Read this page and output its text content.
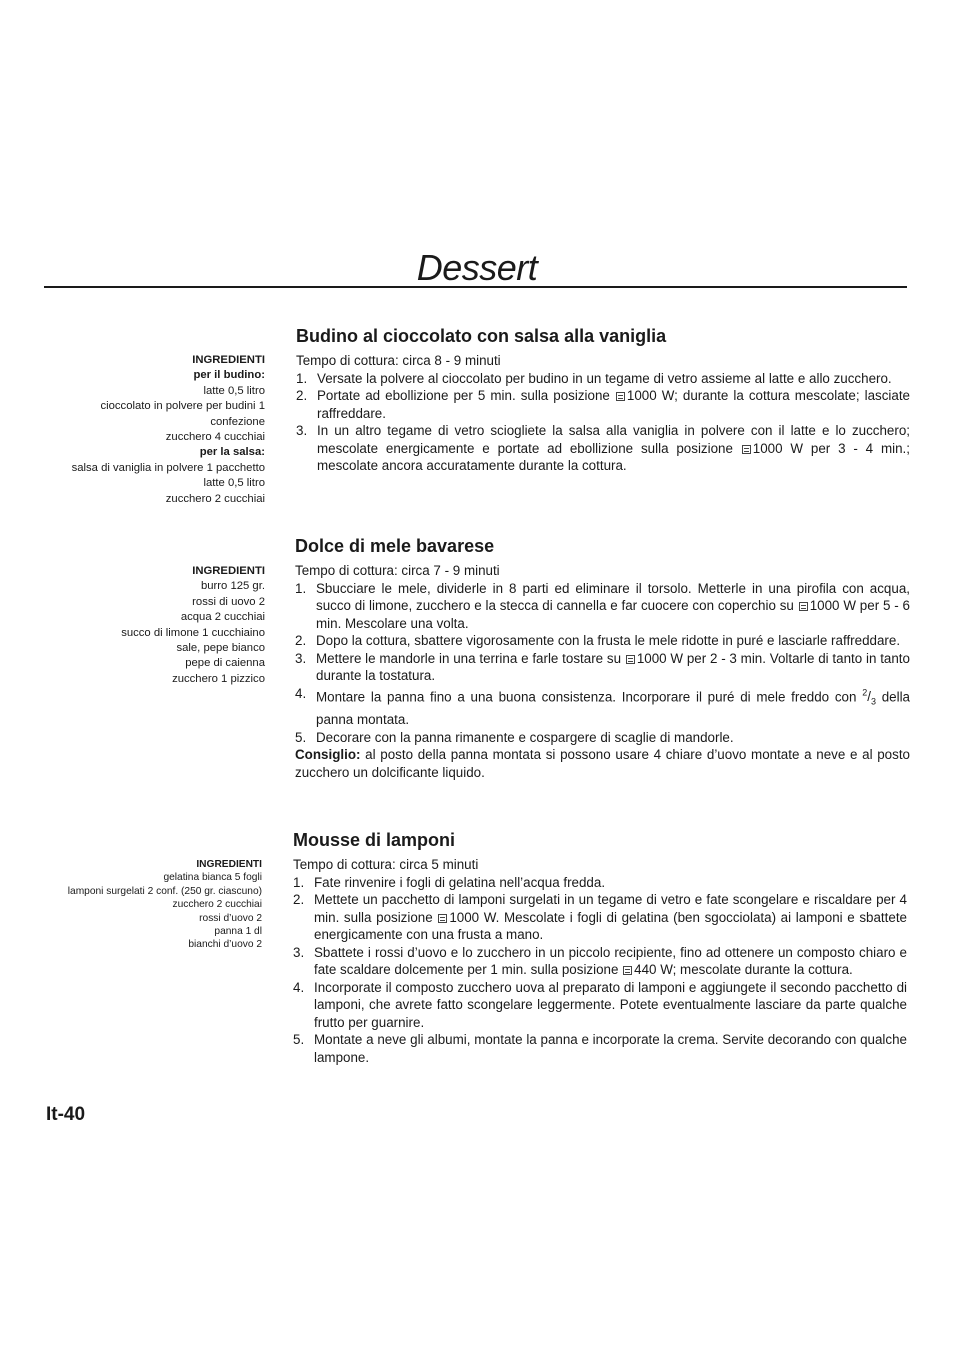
Dessert
INGREDIENTI
per il budino:
latte 0,5 litro
cioccolato in polvere per budini 1
confezione
zucchero 4 cucchiai
per la salsa:
salsa di vaniglia in polvere 1 pacchetto
latte 0,5 litro
zucchero 2 cucchiai
Budino al cioccolato con salsa alla vaniglia
Tempo di cottura: circa 8 - 9 minuti
1. Versate la polvere al cioccolato per budino in un tegame di vetro assieme al latte e allo zucchero.
2. Portate ad ebollizione per 5 min. sulla posizione 1000 W; durante la cottura mescolate; lasciate raffreddare.
3. In un altro tegame di vetro sciogliete la salsa alla vaniglia in polvere con il latte e lo zucchero; mescolate energicamente e portate ad ebollizione sulla posizione 1000 W per 3 - 4 min.; mescolate ancora accuratamente durante la cottura.
INGREDIENTI
burro 125 gr.
rossi di uovo 2
acqua 2 cucchiai
succo di limone 1 cucchiaino
sale, pepe bianco
pepe di caienna
zucchero 1 pizzico
Dolce di mele bavarese
Tempo di cottura: circa 7 - 9 minuti
1. Sbucciare le mele, dividerle in 8 parti ed eliminare il torsolo. Metterle in una pirofila con acqua, succo di limone, zucchero e la stecca di cannella e far cuocere con coperchio su 1000 W per 5 - 6 min. Mescolare una volta.
2. Dopo la cottura, sbattere vigorosamente con la frusta le mele ridotte in puré e lasciarle raffreddare.
3. Mettere le mandorle in una terrina e farle tostare su 1000 W per 2 - 3 min. Voltarle di tanto in tanto durante la tostatura.
4. Montare la panna fino a una buona consistenza. Incorporare il puré di mele freddo con $^2/_3$ della panna montata.
5. Decorare con la panna rimanente e cospargere di scaglie di mandorle.
Consiglio: al posto della panna montata si possono usare 4 chiare d’uovo montate a neve e al posto zucchero un dolcificante liquido.
INGREDIENTI
gelatina bianca 5 fogli
lamponi surgelati 2 conf. (250 gr. ciascuno)
zucchero 2 cucchiai
rossi d’uovo 2
panna 1 dl
bianchi d’uovo 2
Mousse di lamponi
Tempo di cottura: circa 5 minuti
1. Fate rinvenire i fogli di gelatina nell’acqua fredda.
2. Mettete un pacchetto di lamponi surgelati in un tegame di vetro e fate scongelare e riscaldare per 4 min. sulla posizione 1000 W. Mescolate i fogli di gelatina (ben sgocciolata) ai lamponi e sbattete energicamente con una frusta a mano.
3. Sbattete i rossi d’uovo e lo zucchero in un piccolo recipiente, fino ad ottenere un composto chiaro e fate scaldare dolcemente per 1 min. sulla posizione 440 W; mescolate durante la cottura.
4. Incorporate il composto zucchero uova al preparato di lamponi e aggiungete il secondo pacchetto di lamponi, che avrete fatto scongelare leggermente. Potete eventualmente lasciare da parte qualche frutto per guarnire.
5. Montate a neve gli albumi, montate la panna e incorporate la crema. Servite decorando con qualche lampone.
It-40
